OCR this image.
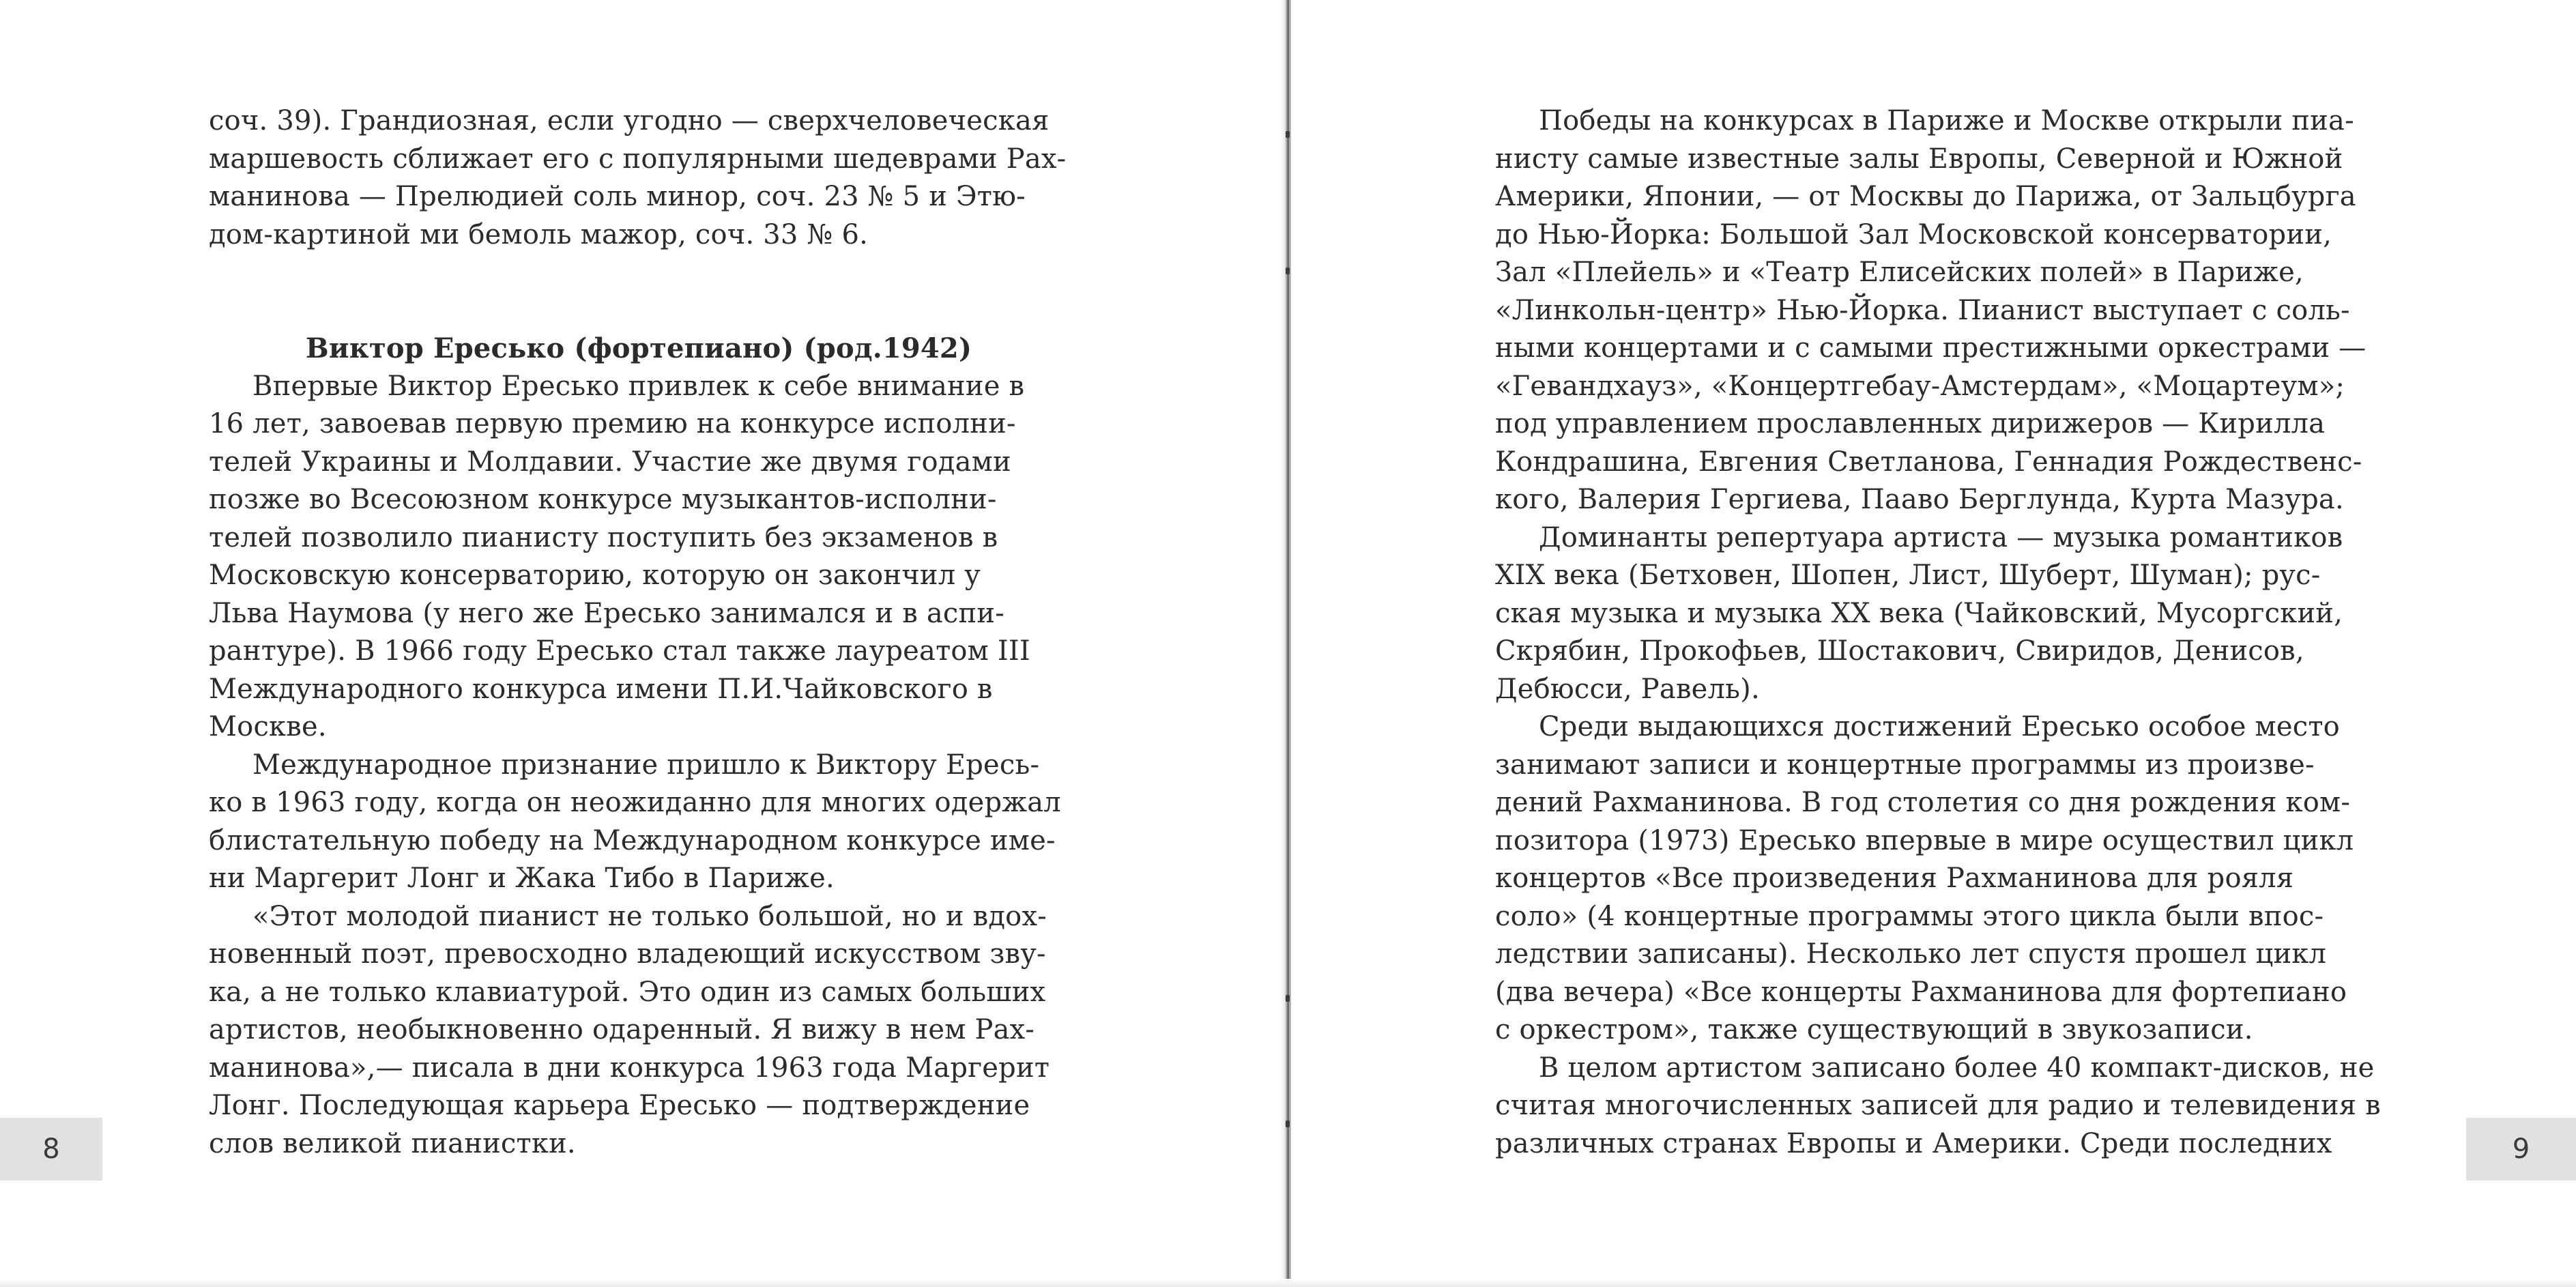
соч. 39). Грандиозная, если угодно — сверхчеловеческая
маршевость сближает его с популярными шедеврами Рах-
манинова — Прелюдией соль минор, соч. 23 № 5 и Этю-
дом-картиной ми бемоль мажор, соч. 33 № 6.

Виктор Ересько (фортепиано) (род.1942)

Впервые Виктор Ересько привлек к себе внимание в
16 лет, завоевав первую премию на конкурсе исполни-
телей Украины и Молдавии. Участие же двумя годами
позже во Всесоюзном конкурсе музыкантов-исполни-
телей позволило пианисту поступить без экзаменов в
Московскую консерваторию, которую он закончил у
Льва Наумова (у него же Ересько занимался и в аспи-
рантуре). В 1966 году Ересько стал также лауреатом III
Международного конкурса имени П.И.Чайковского в
Москве.

Международное признание пришло к Виктору Ересь-
ко в 1963 году, когда он неожиданно для многих одержал
блистательную победу на Международном конкурсе име-
ни Маргерит Лонг и Жака Тибо в Париже.

«Этот молодой пианист не только большой, но и вдох-
новенный поэт, превосходно владеющий искусством зву-
ка, а не только клавиатурой. Это один из самых больших
артистов, необыкновенно одаренный. Я вижу в нем Рах-
манинова»,— писала в дни конкурса 1963 года Маргерит
Лонг. Последующая карьера Ересько — подтверждение
слов великой пианистки.

8

Победы на конкурсах в Париже и Москве открыли пиа-
нисту самые известные залы Европы, Северной и Южной
Америки, Японии, — от Москвы до Парижа, от Зальцбурга
до Нью-Йорка: Большой Зал Московской консерватории,
Зал «Плейель» и «Театр Елисейских полей» в Париже,
«Линкольн-центр» Нью-Йорка. Пианист выступает с соль-
ными концертами и с самыми престижными оркестрами —
«Гевандхауз», «Концертгебау-Амстердам», «Моцартеум»;
под управлением прославленных дирижеров — Кирилла
Кондрашина, Евгения Светланова, Геннадия Рождественс-
кого, Валерия Гергиева, Пааво Берглунда, Курта Мазура.

Доминанты репертуара артиста — музыка романтиков
XIX века (Бетховен, Шопен, Лист, Шуберт, Шуман); рус-
ская музыка и музыка XX века (Чайковский, Мусоргский,
Скрябин, Прокофьев, Шостакович, Свиридов, Денисов,
Дебюсси, Равель).

Среди выдающихся достижений Ересько особое место
занимают записи и концертные программы из произве-
дений Рахманинова. В год столетия со дня рождения ком-
позитора (1973) Ересько впервые в мире осуществил цикл
концертов «Все произведения Рахманинова для рояля
соло» (4 концертные программы этого цикла были впос-
ледствии записаны). Несколько лет спустя прошел цикл
(два вечера) «Все концерты Рахманинова для фортепиано
с оркестром», также существующий в звукозаписи.

В целом артистом записано более 40 компакт-дисков, не
считая многочисленных записей для радио и телевидения в
различных странах Европы и Америки. Среди последних	9
